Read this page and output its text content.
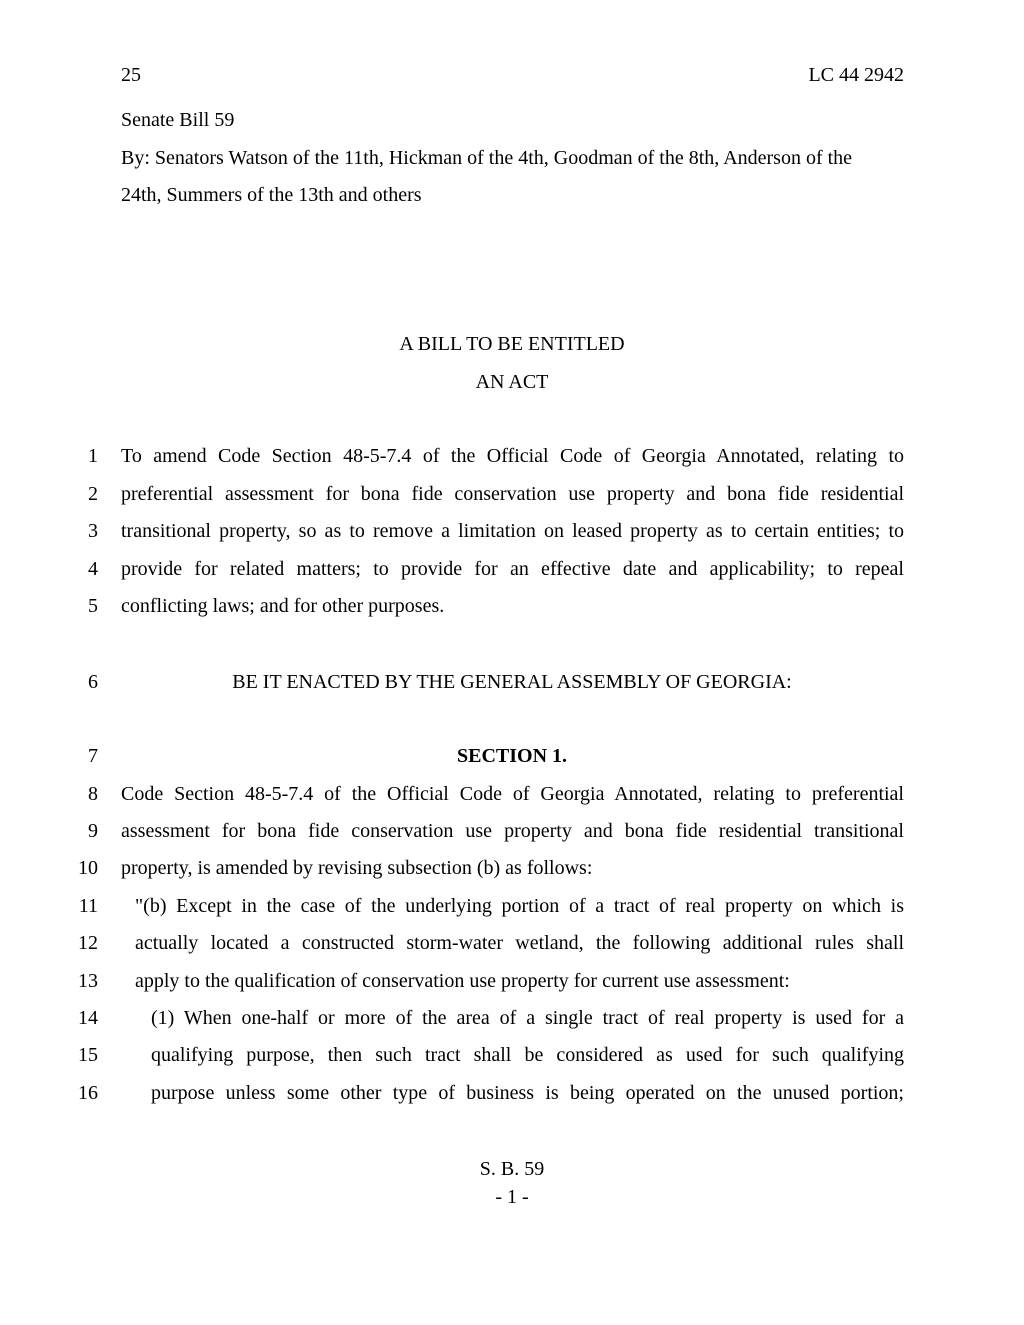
25	LC 44 2942
Senate Bill 59
By: Senators Watson of the 11th, Hickman of the 4th, Goodman of the 8th, Anderson of the
24th, Summers of the 13th and others
A BILL TO BE ENTITLED
AN ACT
1 To amend Code Section 48-5-7.4 of the Official Code of Georgia Annotated, relating to
2 preferential assessment for bona fide conservation use property and bona fide residential
3 transitional property, so as to remove a limitation on leased property as to certain entities; to
4 provide for related matters; to provide for an effective date and applicability; to repeal
5 conflicting laws; and for other purposes.
6	BE IT ENACTED BY THE GENERAL ASSEMBLY OF GEORGIA:
7	SECTION 1.
8 Code Section 48-5-7.4 of the Official Code of Georgia Annotated, relating to preferential
9 assessment for bona fide conservation use property and bona fide residential transitional
10 property, is amended by revising subsection (b) as follows:
11 "(b) Except in the case of the underlying portion of a tract of real property on which is
12 actually located a constructed storm-water wetland, the following additional rules shall
13 apply to the qualification of conservation use property for current use assessment:
14	(1) When one-half or more of the area of a single tract of real property is used for a
15	qualifying purpose, then such tract shall be considered as used for such qualifying
16	purpose unless some other type of business is being operated on the unused portion;
S. B. 59
- 1 -
